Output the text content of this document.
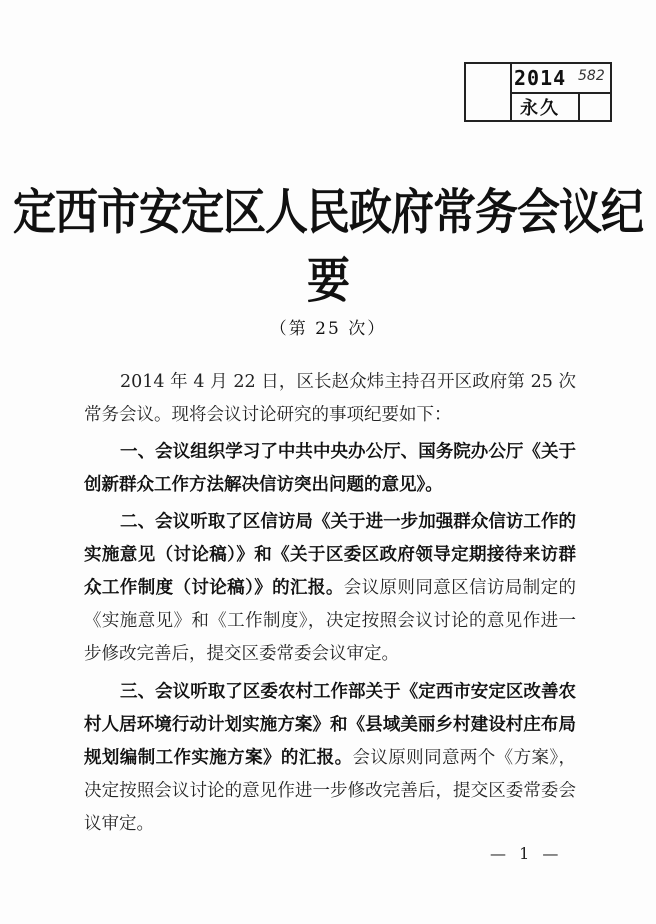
2014 582
永久
定西市安定区人民政府常务会议纪要
（第 25 次）

2014 年 4 月 22 日，区长赵众炜主持召开区政府第 25 次常务会议。现将会议讨论研究的事项纪要如下：

一、会议组织学习了中共中央办公厅、国务院办公厅《关于创新群众工作方法解决信访突出问题的意见》。

二、会议听取了区信访局《关于进一步加强群众信访工作的实施意见（讨论稿）》和《关于区委区政府领导定期接待来访群众工作制度（讨论稿）》的汇报。会议原则同意区信访局制定的《实施意见》和《工作制度》，决定按照会议讨论的意见作进一步修改完善后，提交区委常委会议审定。

三、会议听取了区委农村工作部关于《定西市安定区改善农村人居环境行动计划实施方案》和《县域美丽乡村建设村庄布局规划编制工作实施方案》的汇报。会议原则同意两个《方案》，决定按照会议讨论的意见作进一步修改完善后，提交区委常委会议审定。

— 1 —
